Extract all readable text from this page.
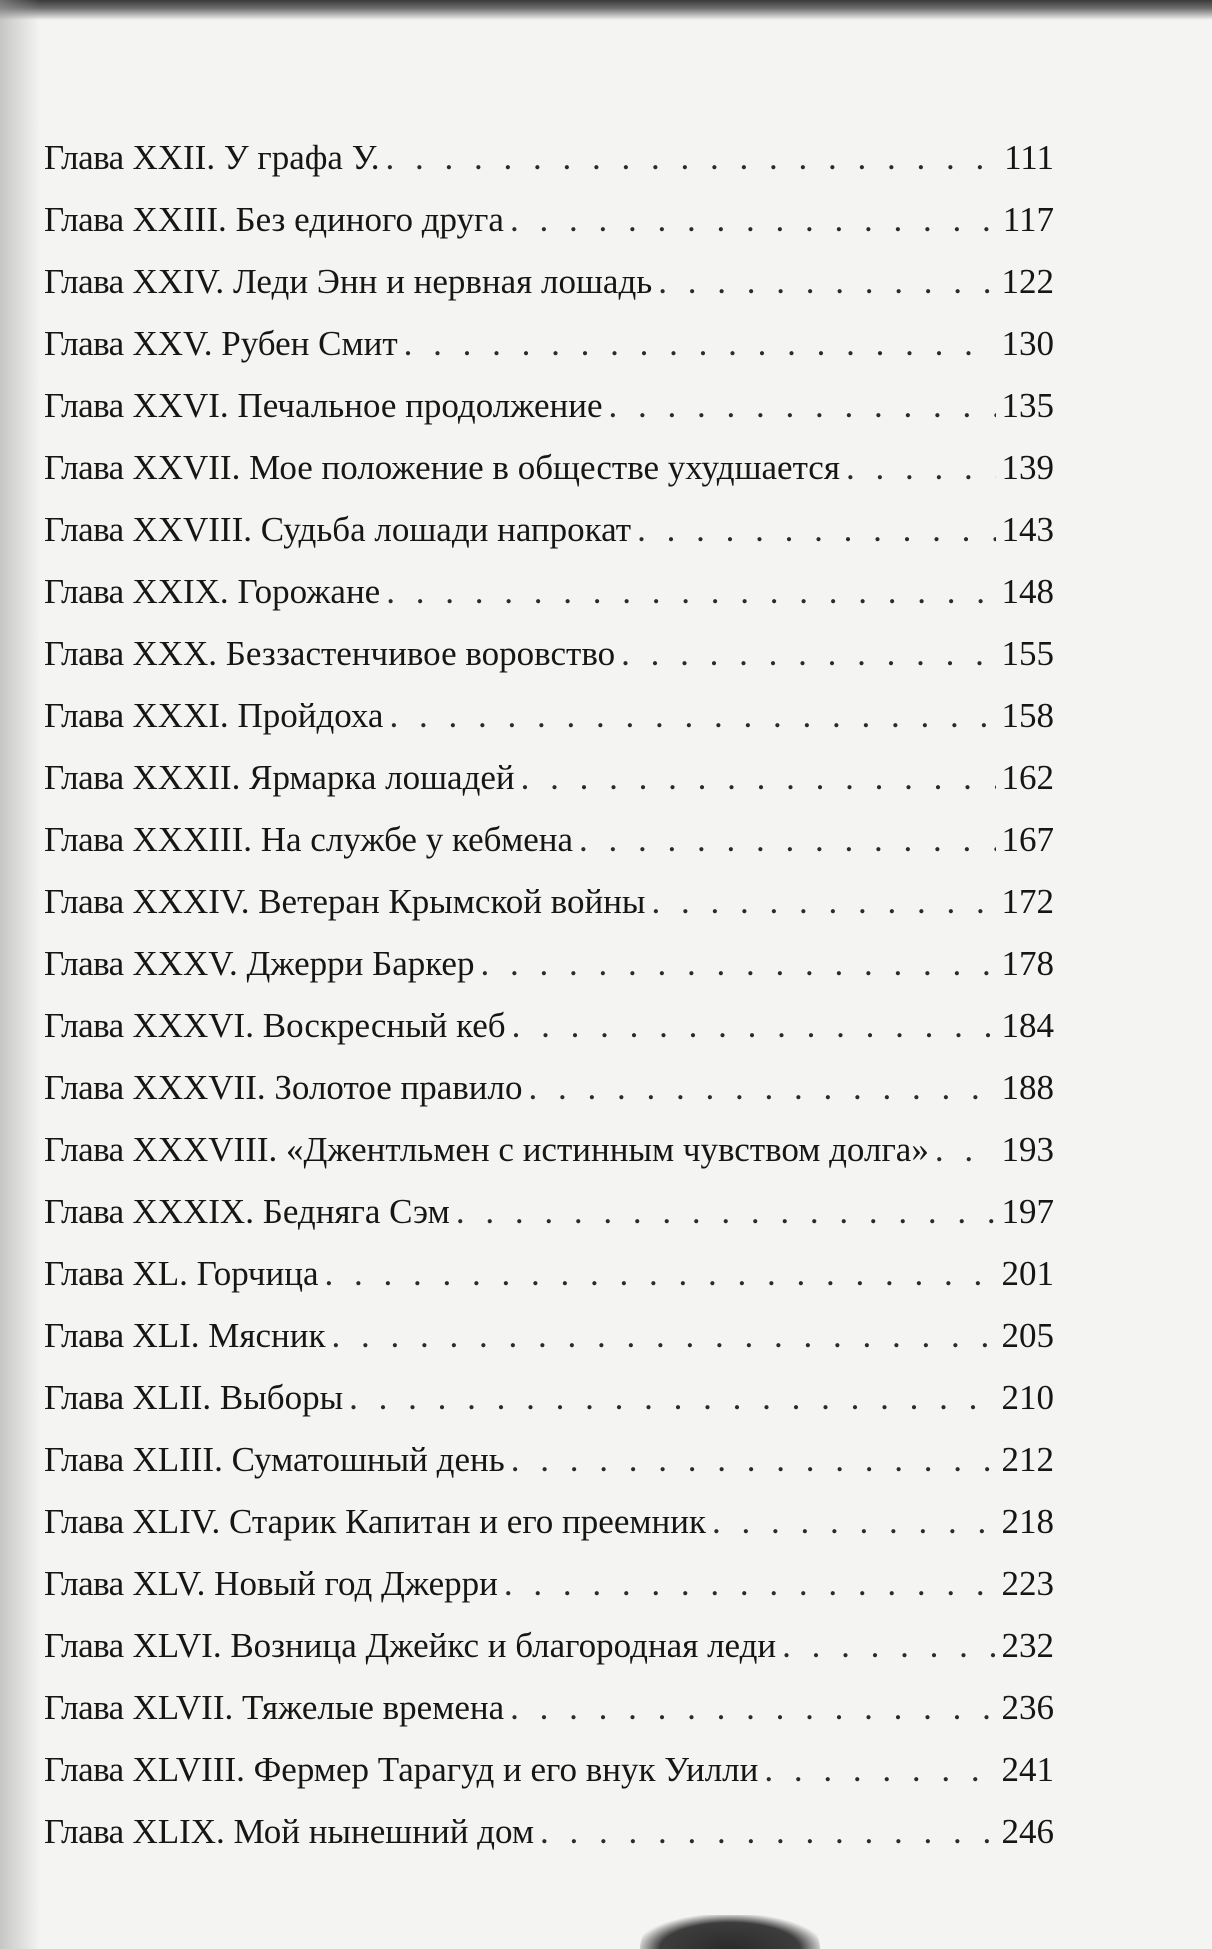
Глава XXII. У графа У. . . .	111
Глава XXIII. Без единого друга . . .	117
Глава XXIV. Леди Энн и нервная лошадь . . .	122
Глава XXV. Рубен Смит . . .	130
Глава XXVI. Печальное продолжение . . .	135
Глава XXVII. Мое положение в обществе ухудшается . . .	139
Глава XXVIII. Судьба лошади напрокат . . .	143
Глава XXIX. Горожане . . .	148
Глава XXX. Беззастенчивое воровство . . .	155
Глава XXXI. Пройдоха . . .	158
Глава XXXII. Ярмарка лошадей . . .	162
Глава XXXIII. На службе у кебмена . . .	167
Глава XXXIV. Ветеран Крымской войны . . .	172
Глава XXXV. Джерри Баркер . . .	178
Глава XXXVI. Воскресный кеб . . .	184
Глава XXXVII. Золотое правило . . .	188
Глава XXXVIII. «Джентльмен с истинным чувством долга» . . . 193
Глава XXXIX. Бедняга Сэм . . .	197
Глава XL. Горчица . . .	201
Глава XLI. Мясник . . .	205
Глава XLII. Выборы . . .	210
Глава XLIII. Суматошный день . . .	212
Глава XLIV. Старик Капитан и его преемник . . .	218
Глава XLV. Новый год Джерри . . .	223
Глава XLVI. Возница Джейкс и благородная леди . . .	232
Глава XLVII. Тяжелые времена . . .	236
Глава XLVIII. Фермер Тарагуд и его внук Уилли . . .	241
Глава XLIX. Мой нынешний дом . . .	246
